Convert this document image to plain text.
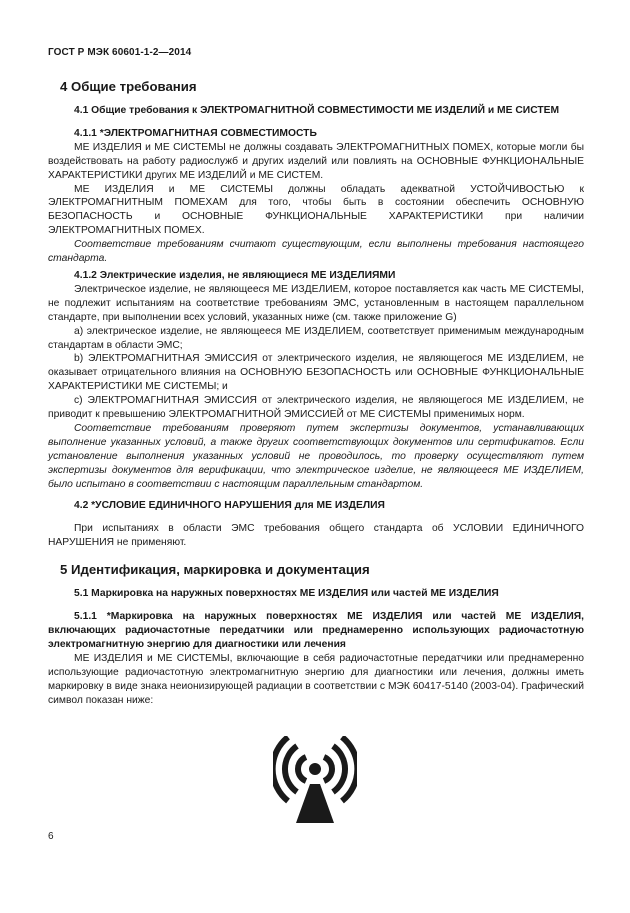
ГОСТ Р МЭК 60601-1-2—2014
4 Общие требования
4.1 Общие требования к ЭЛЕКТРОМАГНИТНОЙ СОВМЕСТИМОСТИ МЕ ИЗДЕЛИЙ и МЕ СИСТЕМ

4.1.1 *ЭЛЕКТРОМАГНИТНАЯ СОВМЕСТИМОСТЬ

МЕ ИЗДЕЛИЯ и МЕ СИСТЕМЫ не должны создавать ЭЛЕКТРОМАГНИТНЫХ ПОМЕХ, которые могли бы воздействовать на работу радиослужб и других изделий или повлиять на ОСНОВНЫЕ ФУНКЦИОНАЛЬНЫЕ ХАРАКТЕРИСТИКИ других МЕ ИЗДЕЛИЙ и МЕ СИСТЕМ.

МЕ ИЗДЕЛИЯ и МЕ СИСТЕМЫ должны обладать адекватной УСТОЙЧИВОСТЬЮ к ЭЛЕКТРОМАГНИТНЫМ ПОМЕХАМ для того, чтобы быть в состоянии обеспечить ОСНОВНУЮ БЕЗОПАСНОСТЬ и ОСНОВНЫЕ ФУНКЦИОНАЛЬНЫЕ ХАРАКТЕРИСТИКИ при наличии ЭЛЕКТРОМАГНИТНЫХ ПОМЕХ.

Соответствие требованиям считают существующим, если выполнены требования настоящего стандарта.

4.1.2 Электрические изделия, не являющиеся МЕ ИЗДЕЛИЯМИ

Электрическое изделие, не являющееся МЕ ИЗДЕЛИЕМ, которое поставляется как часть МЕ СИСТЕМЫ, не подлежит испытаниям на соответствие требованиям ЭМС, установленным в настоящем параллельном стандарте, при выполнении всех условий, указанных ниже (см. также приложение G)

a) электрическое изделие, не являющееся МЕ ИЗДЕЛИЕМ, соответствует применимым международным стандартам в области ЭМС;

b) ЭЛЕКТРОМАГНИТНАЯ ЭМИССИЯ от электрического изделия, не являющегося МЕ ИЗДЕЛИЕМ, не оказывает отрицательного влияния на ОСНОВНУЮ БЕЗОПАСНОСТЬ или ОСНОВНЫЕ ФУНКЦИОНАЛЬНЫЕ ХАРАКТЕРИСТИКИ МЕ СИСТЕМЫ; и

c) ЭЛЕКТРОМАГНИТНАЯ ЭМИССИЯ от электрического изделия, не являющегося МЕ ИЗДЕЛИЕМ, не приводит к превышению ЭЛЕКТРОМАГНИТНОЙ ЭМИССИЕЙ от МЕ СИСТЕМЫ применимых норм.

Соответствие требованиям проверяют путем экспертизы документов, устанавливающих выполнение указанных условий, а также других соответствующих документов или сертификатов. Если установление выполнения указанных условий не проводилось, то проверку осуществляют путем экспертизы документов для верификации, что электрическое изделие, не являющееся МЕ ИЗДЕЛИЕМ, было испытано в соответствии с настоящим параллельным стандартом.

4.2 *УСЛОВИЕ ЕДИНИЧНОГО НАРУШЕНИЯ для МЕ ИЗДЕЛИЯ

При испытаниях в области ЭМС требования общего стандарта об УСЛОВИИ ЕДИНИЧНОГО НАРУШЕНИЯ не применяют.

5 Идентификация, маркировка и документация
5.1 Маркировка на наружных поверхностях МЕ ИЗДЕЛИЯ или частей МЕ ИЗДЕЛИЯ

5.1.1 *Маркировка на наружных поверхностях МЕ ИЗДЕЛИЯ или частей МЕ ИЗДЕЛИЯ, включающих радиочастотные передатчики или преднамеренно использующих радиочастотную электромагнитную энергию для диагностики или лечения

МЕ ИЗДЕЛИЯ и МЕ СИСТЕМЫ, включающие в себя радиочастотные передатчики или преднамеренно использующие радиочастотную электромагнитную энергию для диагностики или лечения, должны иметь маркировку в виде знака неионизирующей радиации в соответствии с МЭК 60417-5140 (2003-04). Графический символ показан ниже:

6
